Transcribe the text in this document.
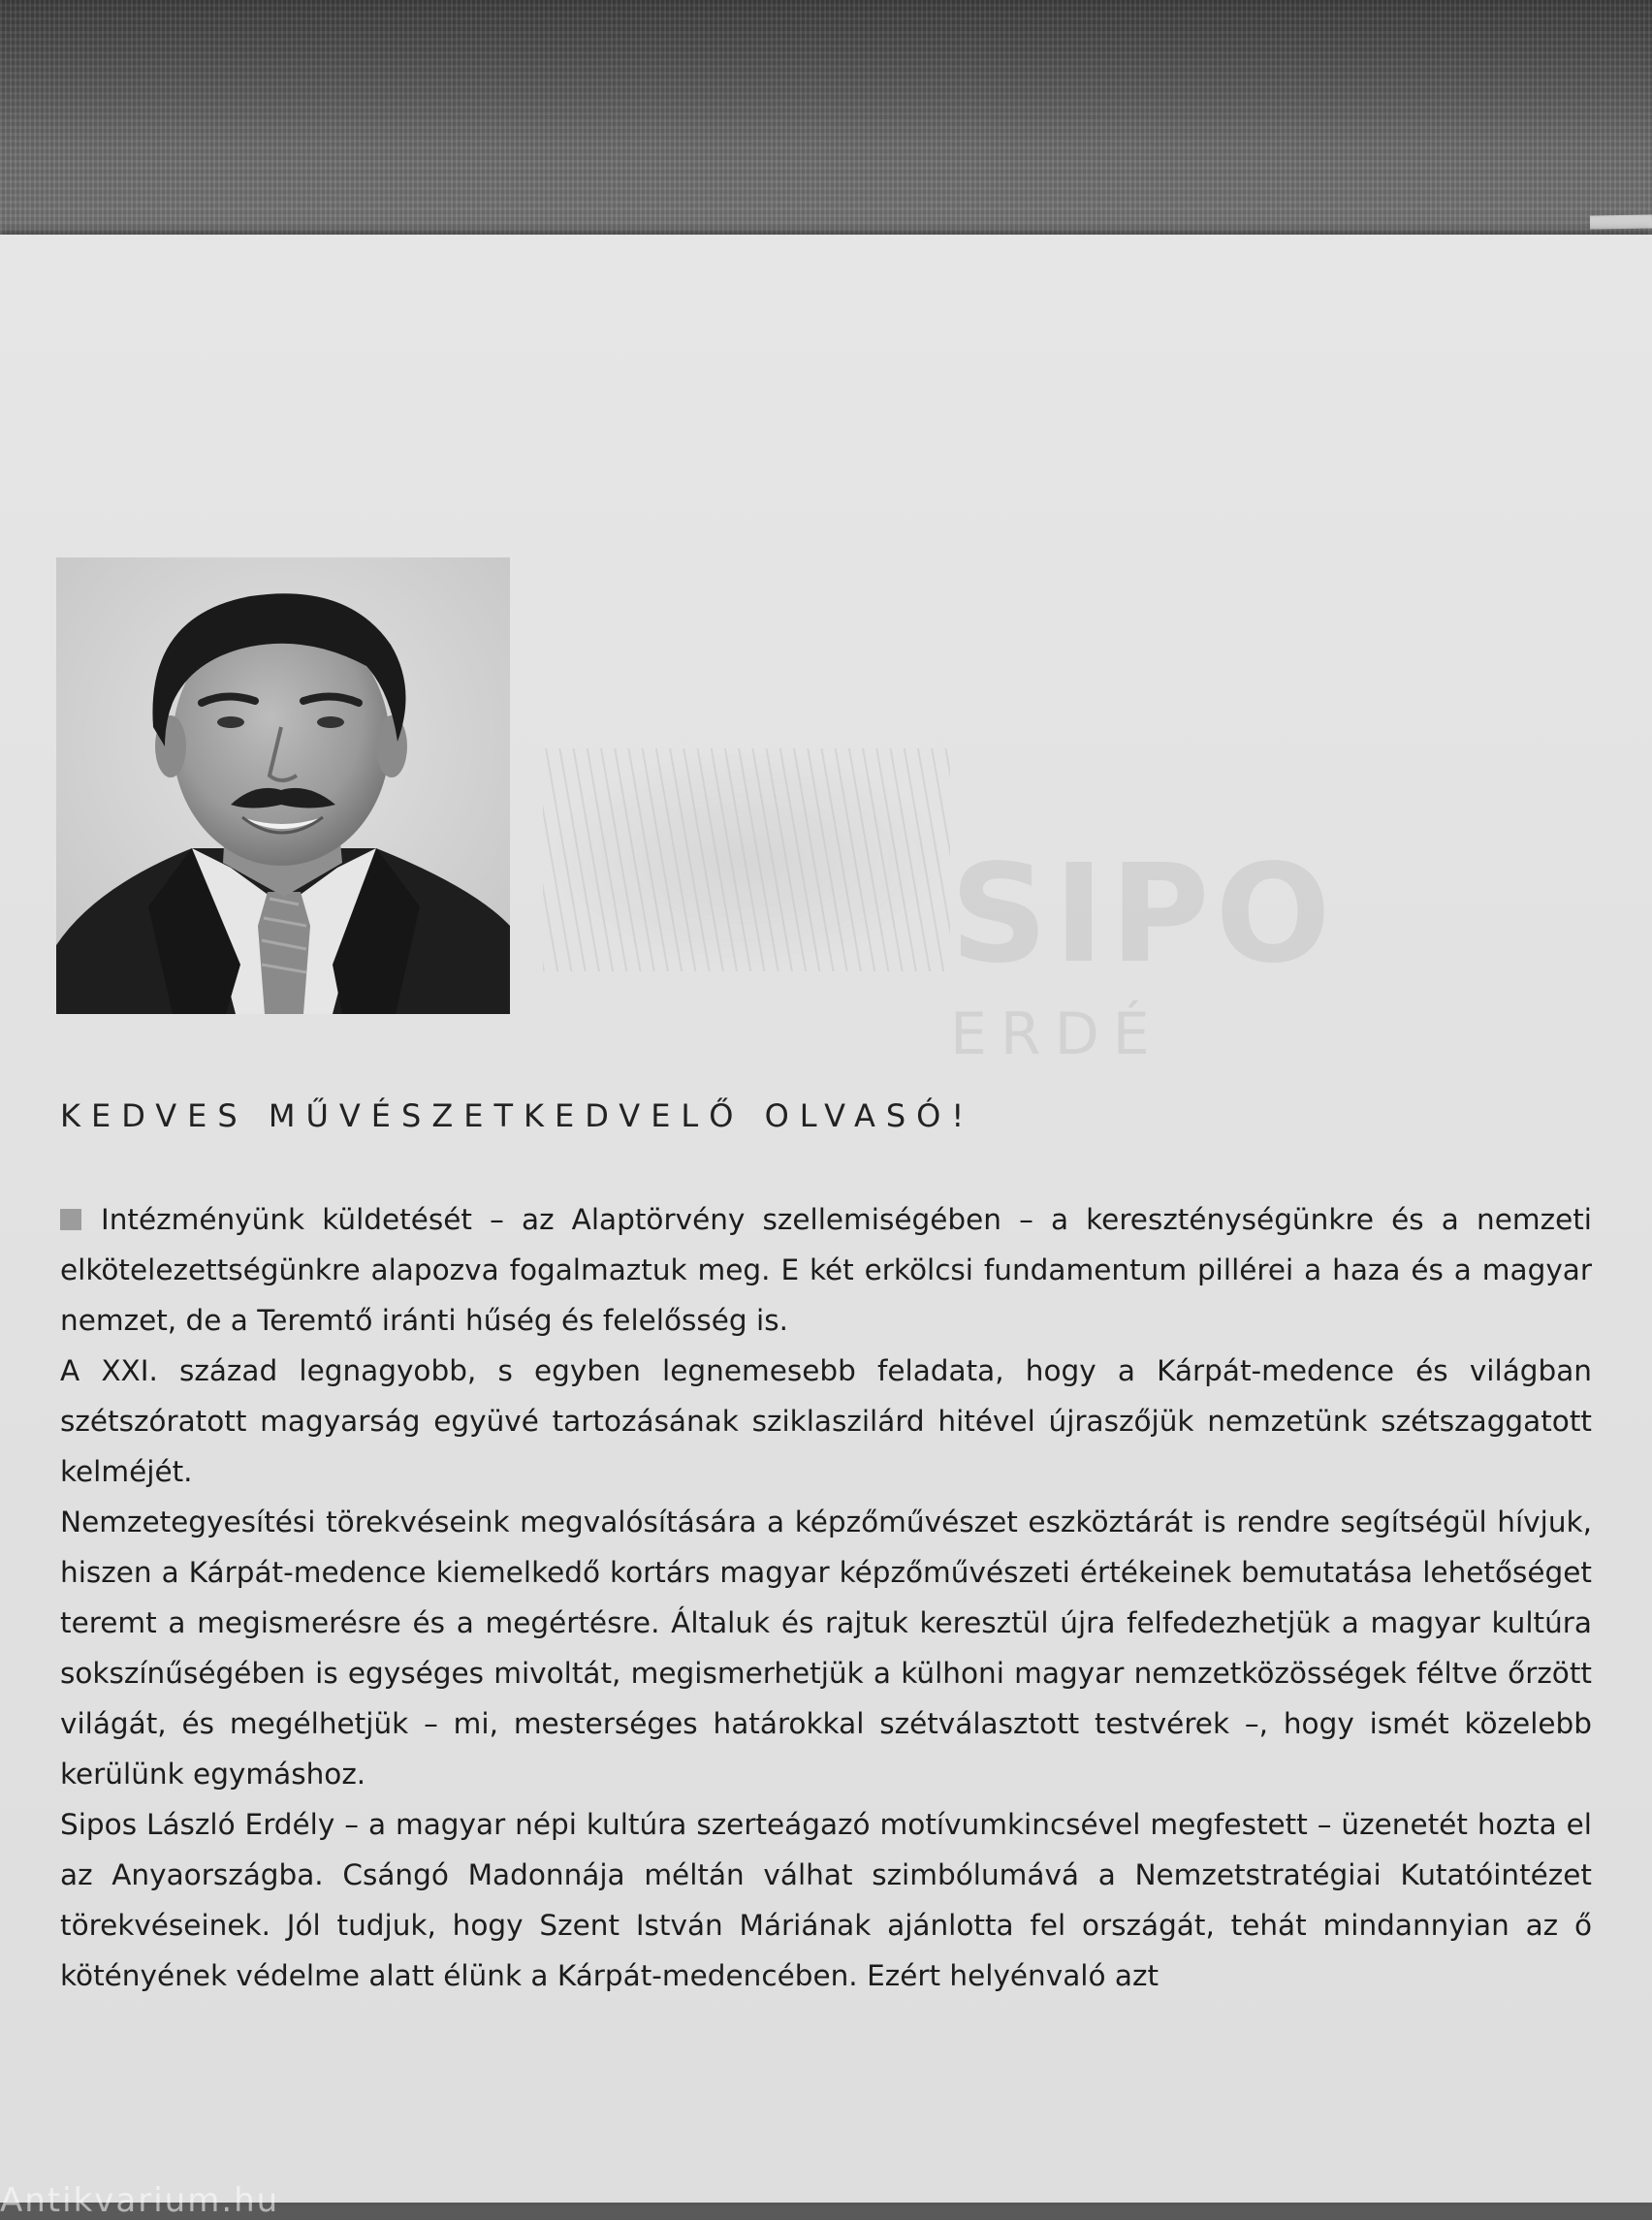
SIPO
ERDÉ
KEDVES MŰVÉSZETKEDVELŐ OLVASÓ!

Intézményünk küldetését – az Alaptörvény szellemiségében – a kereszténységünkre és a nemzeti elkötelezettségünkre alapozva fogalmaztuk meg. E két erkölcsi fundamentum pillérei a haza és a magyar nemzet, de a Teremtő iránti hűség és felelősség is.

A XXI. század legnagyobb, s egyben legnemesebb feladata, hogy a Kárpát-medence és világban szétszóratott magyarság együvé tartozásának sziklaszilárd hitével újraszőjük nemzetünk szétszaggatott kelméjét.

Nemzetegyesítési törekvéseink megvalósítására a képzőművészet eszköztárát is rendre segítségül hívjuk, hiszen a Kárpát-medence kiemelkedő kortárs magyar képzőművészeti értékeinek bemutatása lehetőséget teremt a megismerésre és a megértésre. Általuk és rajtuk keresztül újra felfedezhetjük a magyar kultúra sokszínűségében is egységes mivoltát, megismerhetjük a külhoni magyar nemzetközösségek féltve őrzött világát, és megélhetjük – mi, mesterséges határokkal szétválasztott testvérek –, hogy ismét közelebb kerülünk egymáshoz.

Sipos László Erdély – a magyar népi kultúra szerteágazó motívumkincsével megfestett – üzenetét hozta el az Anyaországba. Csángó Madonnája méltán válhat szimbólumává a Nemzetstratégiai Kutatóintézet törekvéseinek. Jól tudjuk, hogy Szent István Máriának ajánlotta fel országát, tehát mindannyian az ő kötényének védelme alatt élünk a Kárpát-medencében. Ezért helyénvaló azt

Antikvarium.hu
